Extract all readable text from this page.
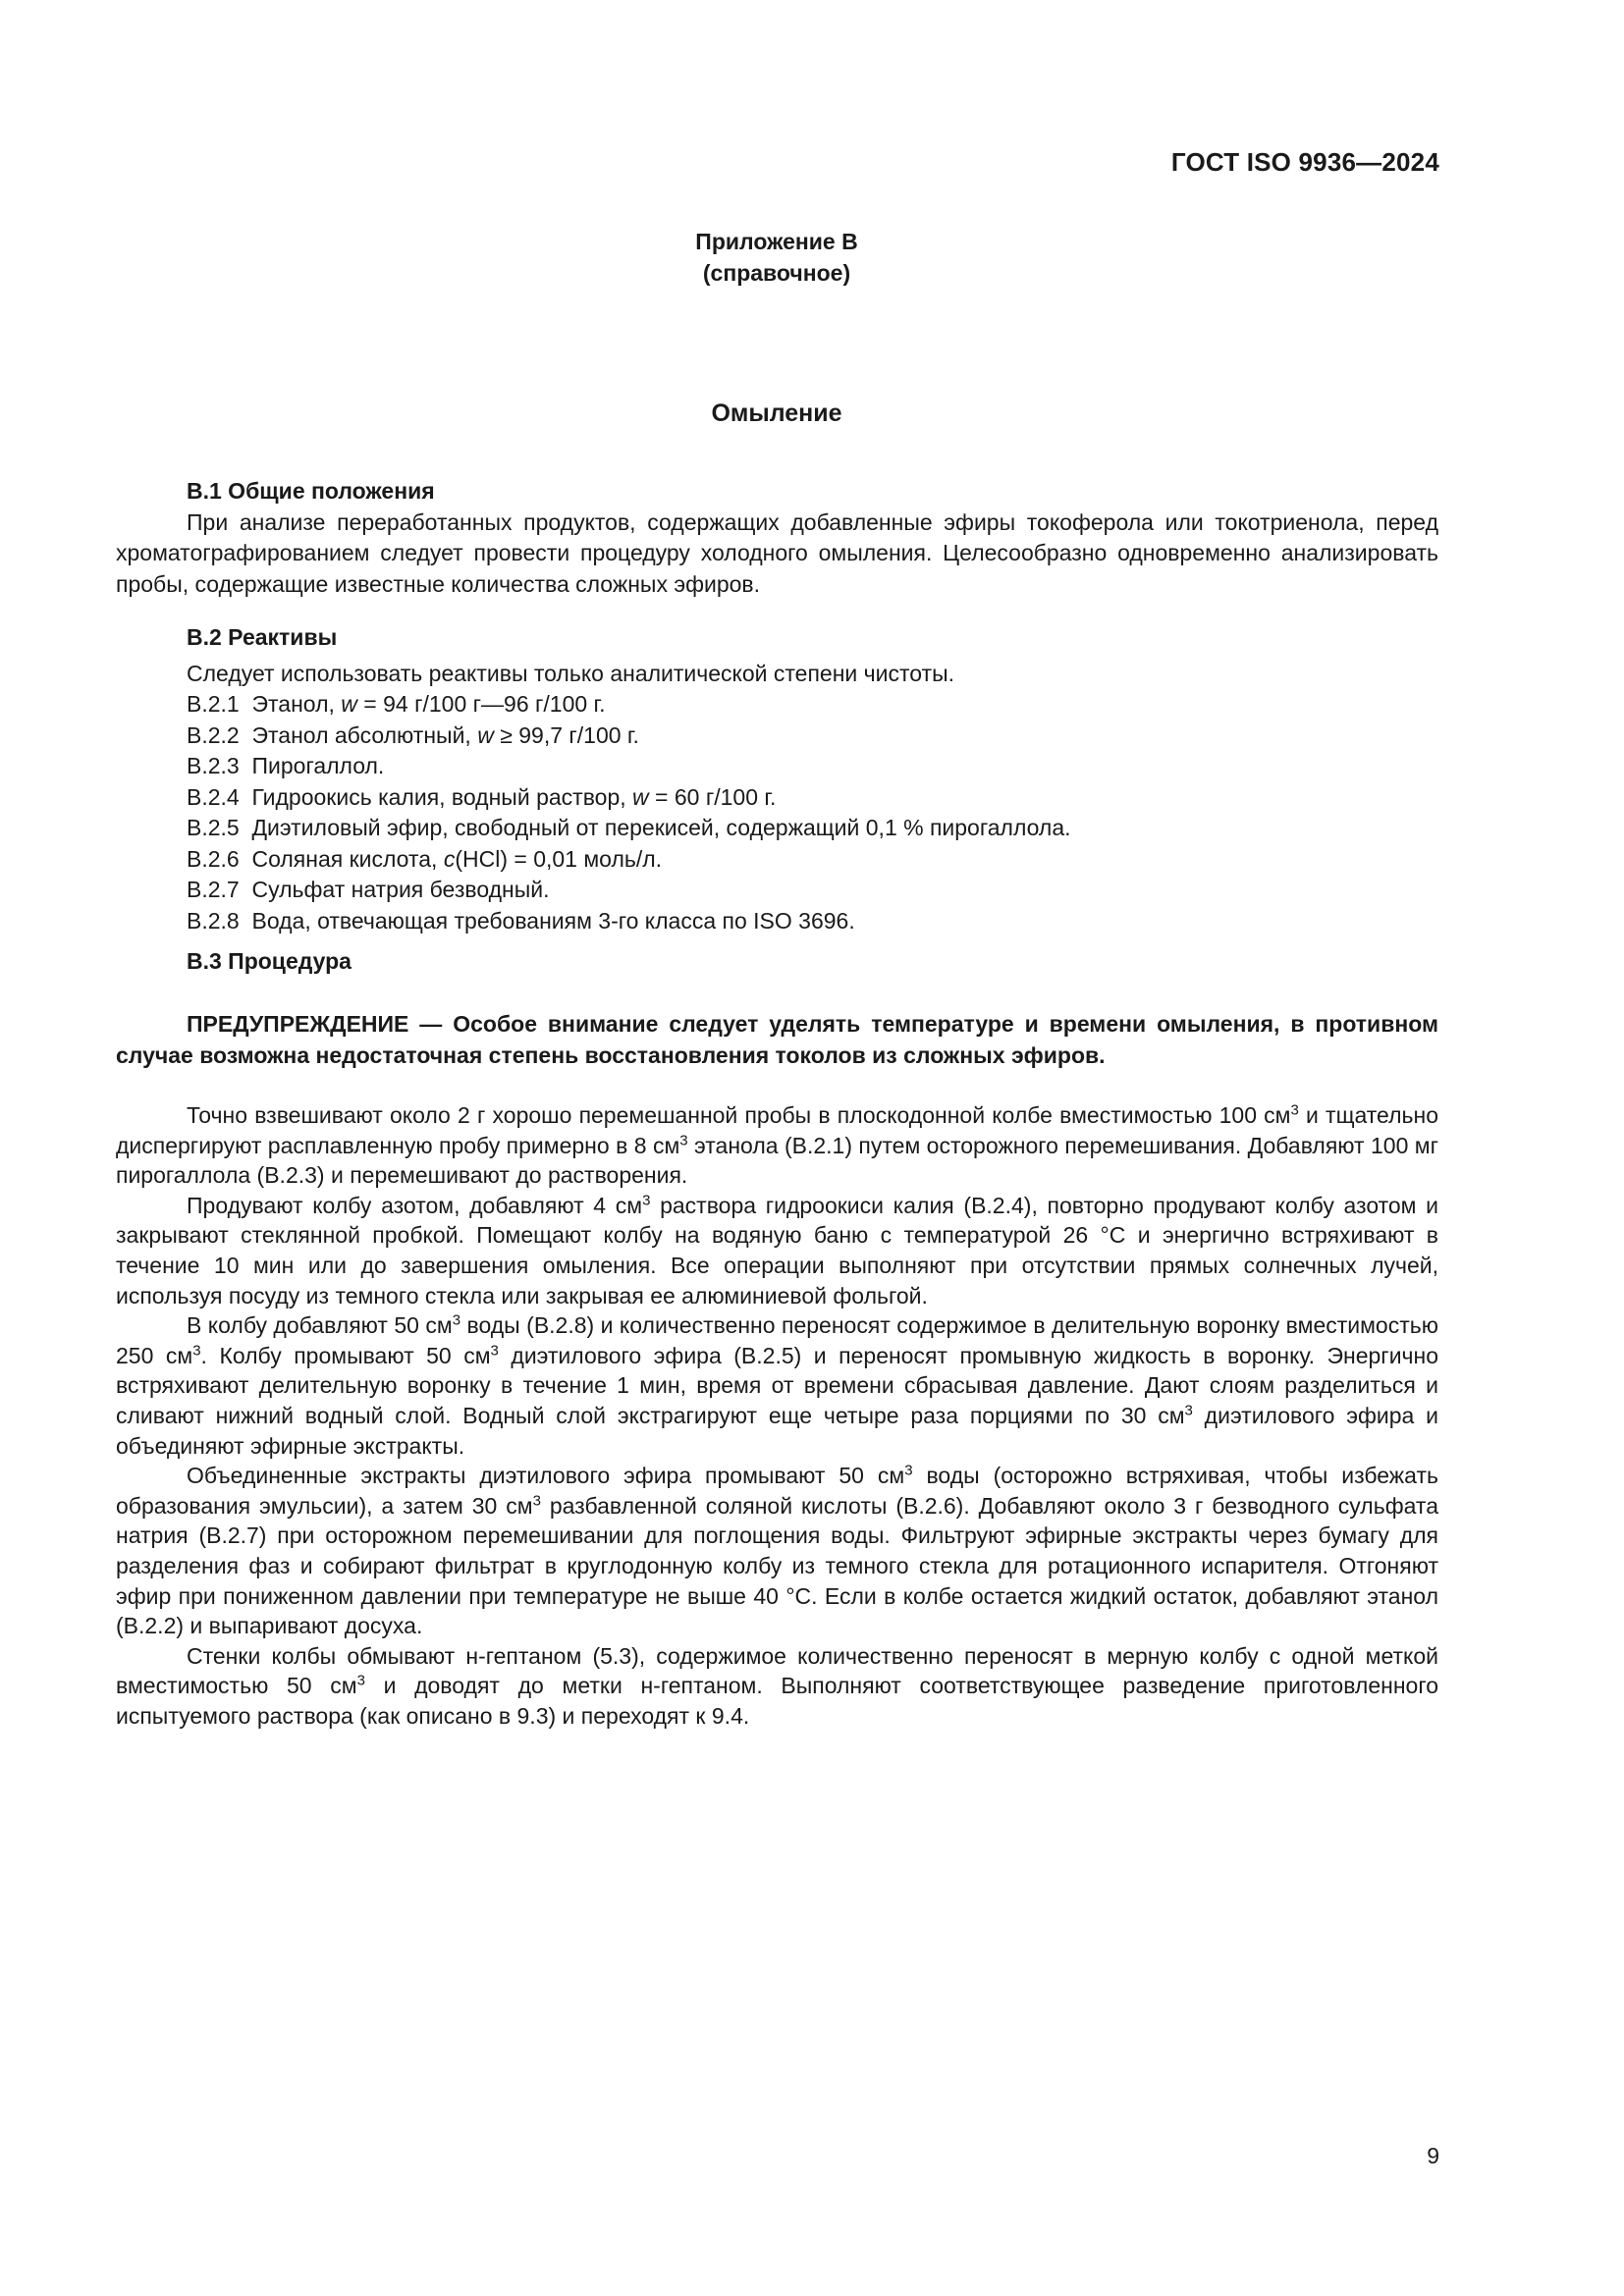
ГОСТ ISO 9936—2024
Приложение В
(справочное)
Омыление
В.1 Общие положения

При анализе переработанных продуктов, содержащих добавленные эфиры токоферола или токотриенола, перед хроматографированием следует провести процедуру холодного омыления. Целесообразно одновременно анализировать пробы, содержащие известные количества сложных эфиров.

В.2 Реактивы

Следует использовать реактивы только аналитической степени чистоты.

В.2.1  Этанол, w = 94 г/100 г—96 г/100 г.

В.2.2  Этанол абсолютный, w ≥ 99,7 г/100 г.

В.2.3  Пирогаллол.

В.2.4  Гидроокись калия, водный раствор, w = 60 г/100 г.

В.2.5  Диэтиловый эфир, свободный от перекисей, содержащий 0,1 % пирогаллола.

В.2.6  Соляная кислота, c(HCl) = 0,01 моль/л.

В.2.7  Сульфат натрия безводный.

В.2.8  Вода, отвечающая требованиям 3-го класса по ISO 3696.

В.3 Процедура

ПРЕДУПРЕЖДЕНИЕ — Особое внимание следует уделять температуре и времени омыления, в противном случае возможна недостаточная степень восстановления токолов из сложных эфиров.

Точно взвешивают около 2 г хорошо перемешанной пробы в плоскодонной колбе вместимостью 100 $см^3$ и тщательно диспергируют расплавленную пробу примерно в 8 $см^3$ этанола (В.2.1) путем осторожного перемешивания. Добавляют 100 мг пирогаллола (В.2.3) и перемешивают до растворения.

Продувают колбу азотом, добавляют 4 $см^3$ раствора гидроокиси калия (В.2.4), повторно продувают колбу азотом и закрывают стеклянной пробкой. Помещают колбу на водяную баню с температурой 26 °С и энергично встряхивают в течение 10 мин или до завершения омыления. Все операции выполняют при отсутствии прямых солнечных лучей, используя посуду из темного стекла или закрывая ее алюминиевой фольгой.

В колбу добавляют 50 $см^3$ воды (В.2.8) и количественно переносят содержимое в делительную воронку вместимостью 250 $см^3$. Колбу промывают 50 $см^3$ диэтилового эфира (В.2.5) и переносят промывную жидкость в воронку. Энергично встряхивают делительную воронку в течение 1 мин, время от времени сбрасывая давление. Дают слоям разделиться и сливают нижний водный слой. Водный слой экстрагируют еще четыре раза порциями по 30 $см^3$ диэтилового эфира и объединяют эфирные экстракты.

Объединенные экстракты диэтилового эфира промывают 50 $см^3$ воды (осторожно встряхивая, чтобы избежать образования эмульсии), а затем 30 $см^3$ разбавленной соляной кислоты (В.2.6). Добавляют около 3 г безводного сульфата натрия (В.2.7) при осторожном перемешивании для поглощения воды. Фильтруют эфирные экстракты через бумагу для разделения фаз и собирают фильтрат в круглодонную колбу из темного стекла для ротационного испарителя. Отгоняют эфир при пониженном давлении при температуре не выше 40 °С. Если в колбе остается жидкий остаток, добавляют этанол (В.2.2) и выпаривают досуха.

Стенки колбы обмывают н-гептаном (5.3), содержимое количественно переносят в мерную колбу с одной меткой вместимостью 50 $см^3$ и доводят до метки н-гептаном. Выполняют соответствующее разведение приготовленного испытуемого раствора (как описано в 9.3) и переходят к 9.4.

9
